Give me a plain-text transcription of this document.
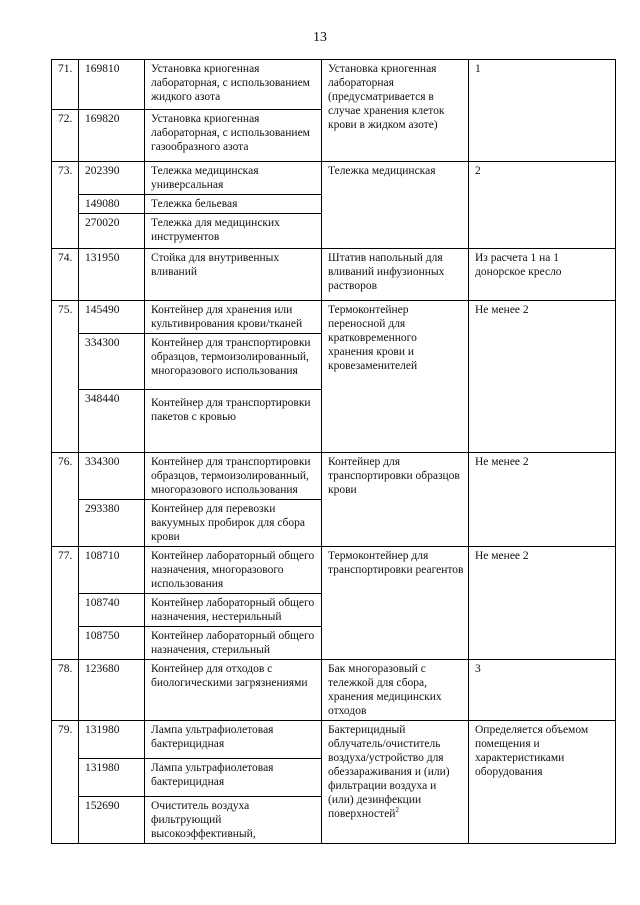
13
71.	169810	Установка криогенная лабораторная, с использованием жидкого азота	Установка криогенная лабораторная (предусматривается в случае хранения клеток крови в жидком азоте)	1
72.	169820	Установка криогенная лабораторная, с использованием газообразного азота		
73.	202390	Тележка медицинская универсальная	Тележка медицинская	2
	149080	Тележка бельевая		
	270020	Тележка для медицинских инструментов		
74.	131950	Стойка для внутривенных вливаний	Штатив напольный для вливаний инфузионных растворов	Из расчета 1 на 1 донорское кресло
75.	145490	Контейнер для хранения или культивирования крови/тканей	Термоконтейнер переносной для кратковременного хранения крови и кровезаменителей	Не менее 2
	334300	Контейнер для транспортировки образцов, термоизолированный, многоразового использования		
	348440	Контейнер для транспортировки пакетов с кровью		
76.	334300	Контейнер для транспортировки образцов, термоизолированный, многоразового использования	Контейнер для транспортировки образцов крови	Не менее 2
	293380	Контейнер для перевозки вакуумных пробирок для сбора крови		
77.	108710	Контейнер лабораторный общего назначения, многоразового использования	Термоконтейнер для транспортировки реагентов	Не менее 2
	108740	Контейнер лабораторный общего назначения, нестерильный		
	108750	Контейнер лабораторный общего назначения, стерильный		
78.	123680	Контейнер для отходов с биологическими загрязнениями	Бак многоразовый с тележкой для сбора, хранения медицинских отходов	3
79.	131980	Лампа ультрафиолетовая бактерицидная	Бактерицидный облучатель/очиститель воздуха/устройство для обеззараживания и (или) фильтрации воздуха и (или) дезинфекции поверхностей$^2$	Определяется объемом помещения и характеристиками оборудования
	131980	Лампа ультрафиолетовая бактерицидная		
	152690	Очиститель воздуха фильтрующий высокоэффективный,		
